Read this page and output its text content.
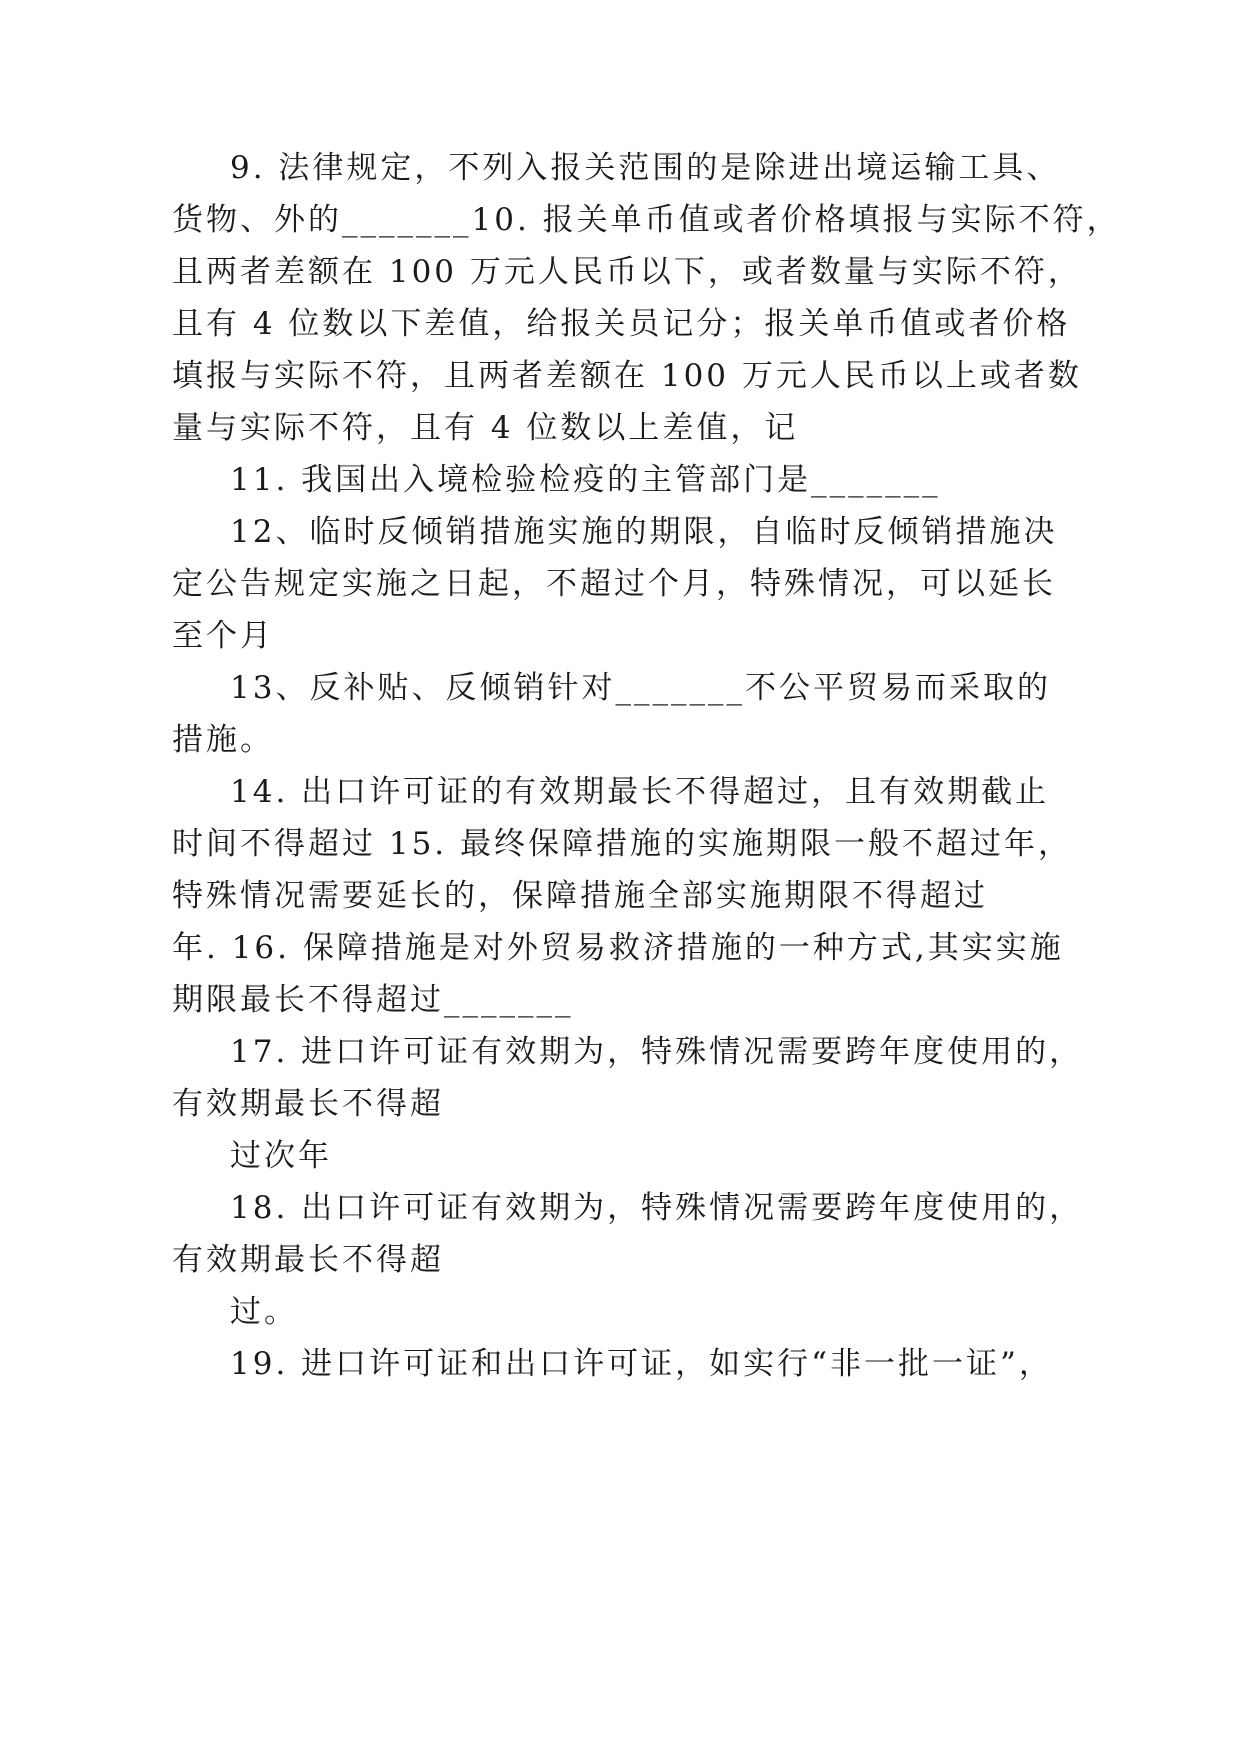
9. 法律规定，不列入报关范围的是除进出境运输工具、
货物、外的_______10. 报关单币值或者价格填报与实际不符，
且两者差额在 100 万元人民币以下，或者数量与实际不符，
且有 4 位数以下差值，给报关员记分；报关单币值或者价格
填报与实际不符，且两者差额在 100 万元人民币以上或者数
量与实际不符，且有 4 位数以上差值，记
11. 我国出入境检验检疫的主管部门是_______
12、临时反倾销措施实施的期限，自临时反倾销措施决
定公告规定实施之日起，不超过个月，特殊情况，可以延长
至个月
13、反补贴、反倾销针对_______不公平贸易而采取的
措施。
14. 出口许可证的有效期最长不得超过，且有效期截止
时间不得超过 15. 最终保障措施的实施期限一般不超过年，
特殊情况需要延长的，保障措施全部实施期限不得超过
年. 16. 保障措施是对外贸易救济措施的一种方式,其实实施
期限最长不得超过_______
17. 进口许可证有效期为，特殊情况需要跨年度使用的，
有效期最长不得超
过次年
18. 出口许可证有效期为，特殊情况需要跨年度使用的，
有效期最长不得超
过。
19. 进口许可证和出口许可证，如实行“非一批一证”，
